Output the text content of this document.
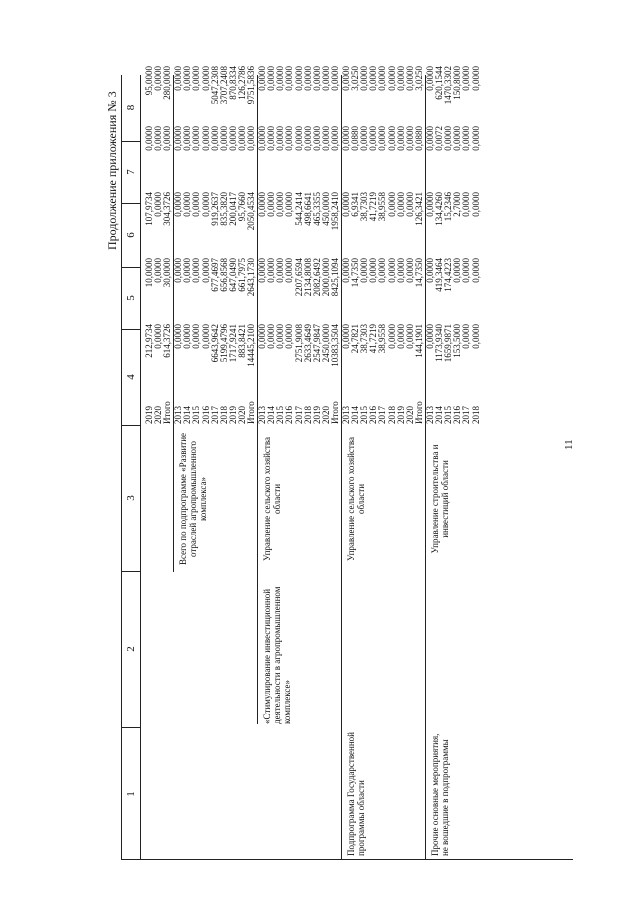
Продолжение приложения № 3
11
1
2
3
4
5
6
7
8
2019
212,9734
10,0000
107,9734
0,0000
95,0000
2020
0,0000
0,0000
0,0000
0,0000
0,0000
Итого
614,3726
30,0000
304,3726
0,0000
280,0000
Всего по подпрограмме «Развитие отраслей агропромышленного комплекса»
2013
0,0000
0,0000
0,0000
0,0000
0,0000
2014
0,0000
0,0000
0,0000
0,0000
0,0000
2015
0,0000
0,0000
0,0000
0,0000
0,0000
2016
0,0000
0,0000
0,0000
0,0000
0,0000
2017
6643,9642
677,4697
919,2637
0,0000
5047,2308
2018
5199,4796
656,8568
835,3820
0,0000
3707,2408
2019
1717,9241
647,0490
200,0417
0,0000
870,8334
2020
883,8421
661,7975
95,7660
0,0000
126,2786
Итого
14445,2100
2643,1730
2050,4534
0,0000
9751,5836
«Стимулирование инвестиционной деятельности в агропромышленном комплексе»
Управление сельского хозяйства области
2013
0,0000
0,0000
0,0000
0,0000
0,0000
2014
0,0000
0,0000
0,0000
0,0000
0,0000
2015
0,0000
0,0000
0,0000
0,0000
0,0000
2016
0,0000
0,0000
0,0000
0,0000
0,0000
2017
2751,9008
2207,6594
544,2414
0,0000
0,0000
2018
2633,4649
2134,8008
498,6641
0,0000
0,0000
2019
2547,9847
2082,6492
465,3355
0,0000
0,0000
2020
2450,0000
2000,0000
450,0000
0,0000
0,0000
Итого
10383,3504
8425,1094
1958,2410
0,0000
0,0000
Подпрограмма Государственной программы области
Управление сельского хозяйства области
2013
0,0000
0,0000
0,0000
0,0000
0,0000
2014
24,7821
14,7350
6,9341
0,0880
3,0250
2015
38,7303
0,0000
38,7303
0,0000
0,0000
2016
41,7219
0,0000
41,7219
0,0000
0,0000
2017
38,9558
0,0000
38,9558
0,0000
0,0000
2018
0,0000
0,0000
0,0000
0,0000
0,0000
2019
0,0000
0,0000
0,0000
0,0000
0,0000
2020
0,0000
0,0000
0,0000
0,0000
0,0000
Итого
144,1901
14,7350
126,3421
0,0880
3,0250
Прочие основные мероприятия, не вошедшие в подпрограммы
Управление строительства и инвестиций области
2013
0,0000
0,0000
0,0000
0,0000
0,0000
2014
1173,9340
419,3464
134,4260
0,0072
620,1544
2015
1659,9871
174,4223
15,2346
0,0000
1470,3302
2016
153,5000
0,0000
2,7000
0,0000
150,8000
2017
0,0000
0,0000
0,0000
0,0000
0,0000
2018
0,0000
0,0000
0,0000
0,0000
0,0000
